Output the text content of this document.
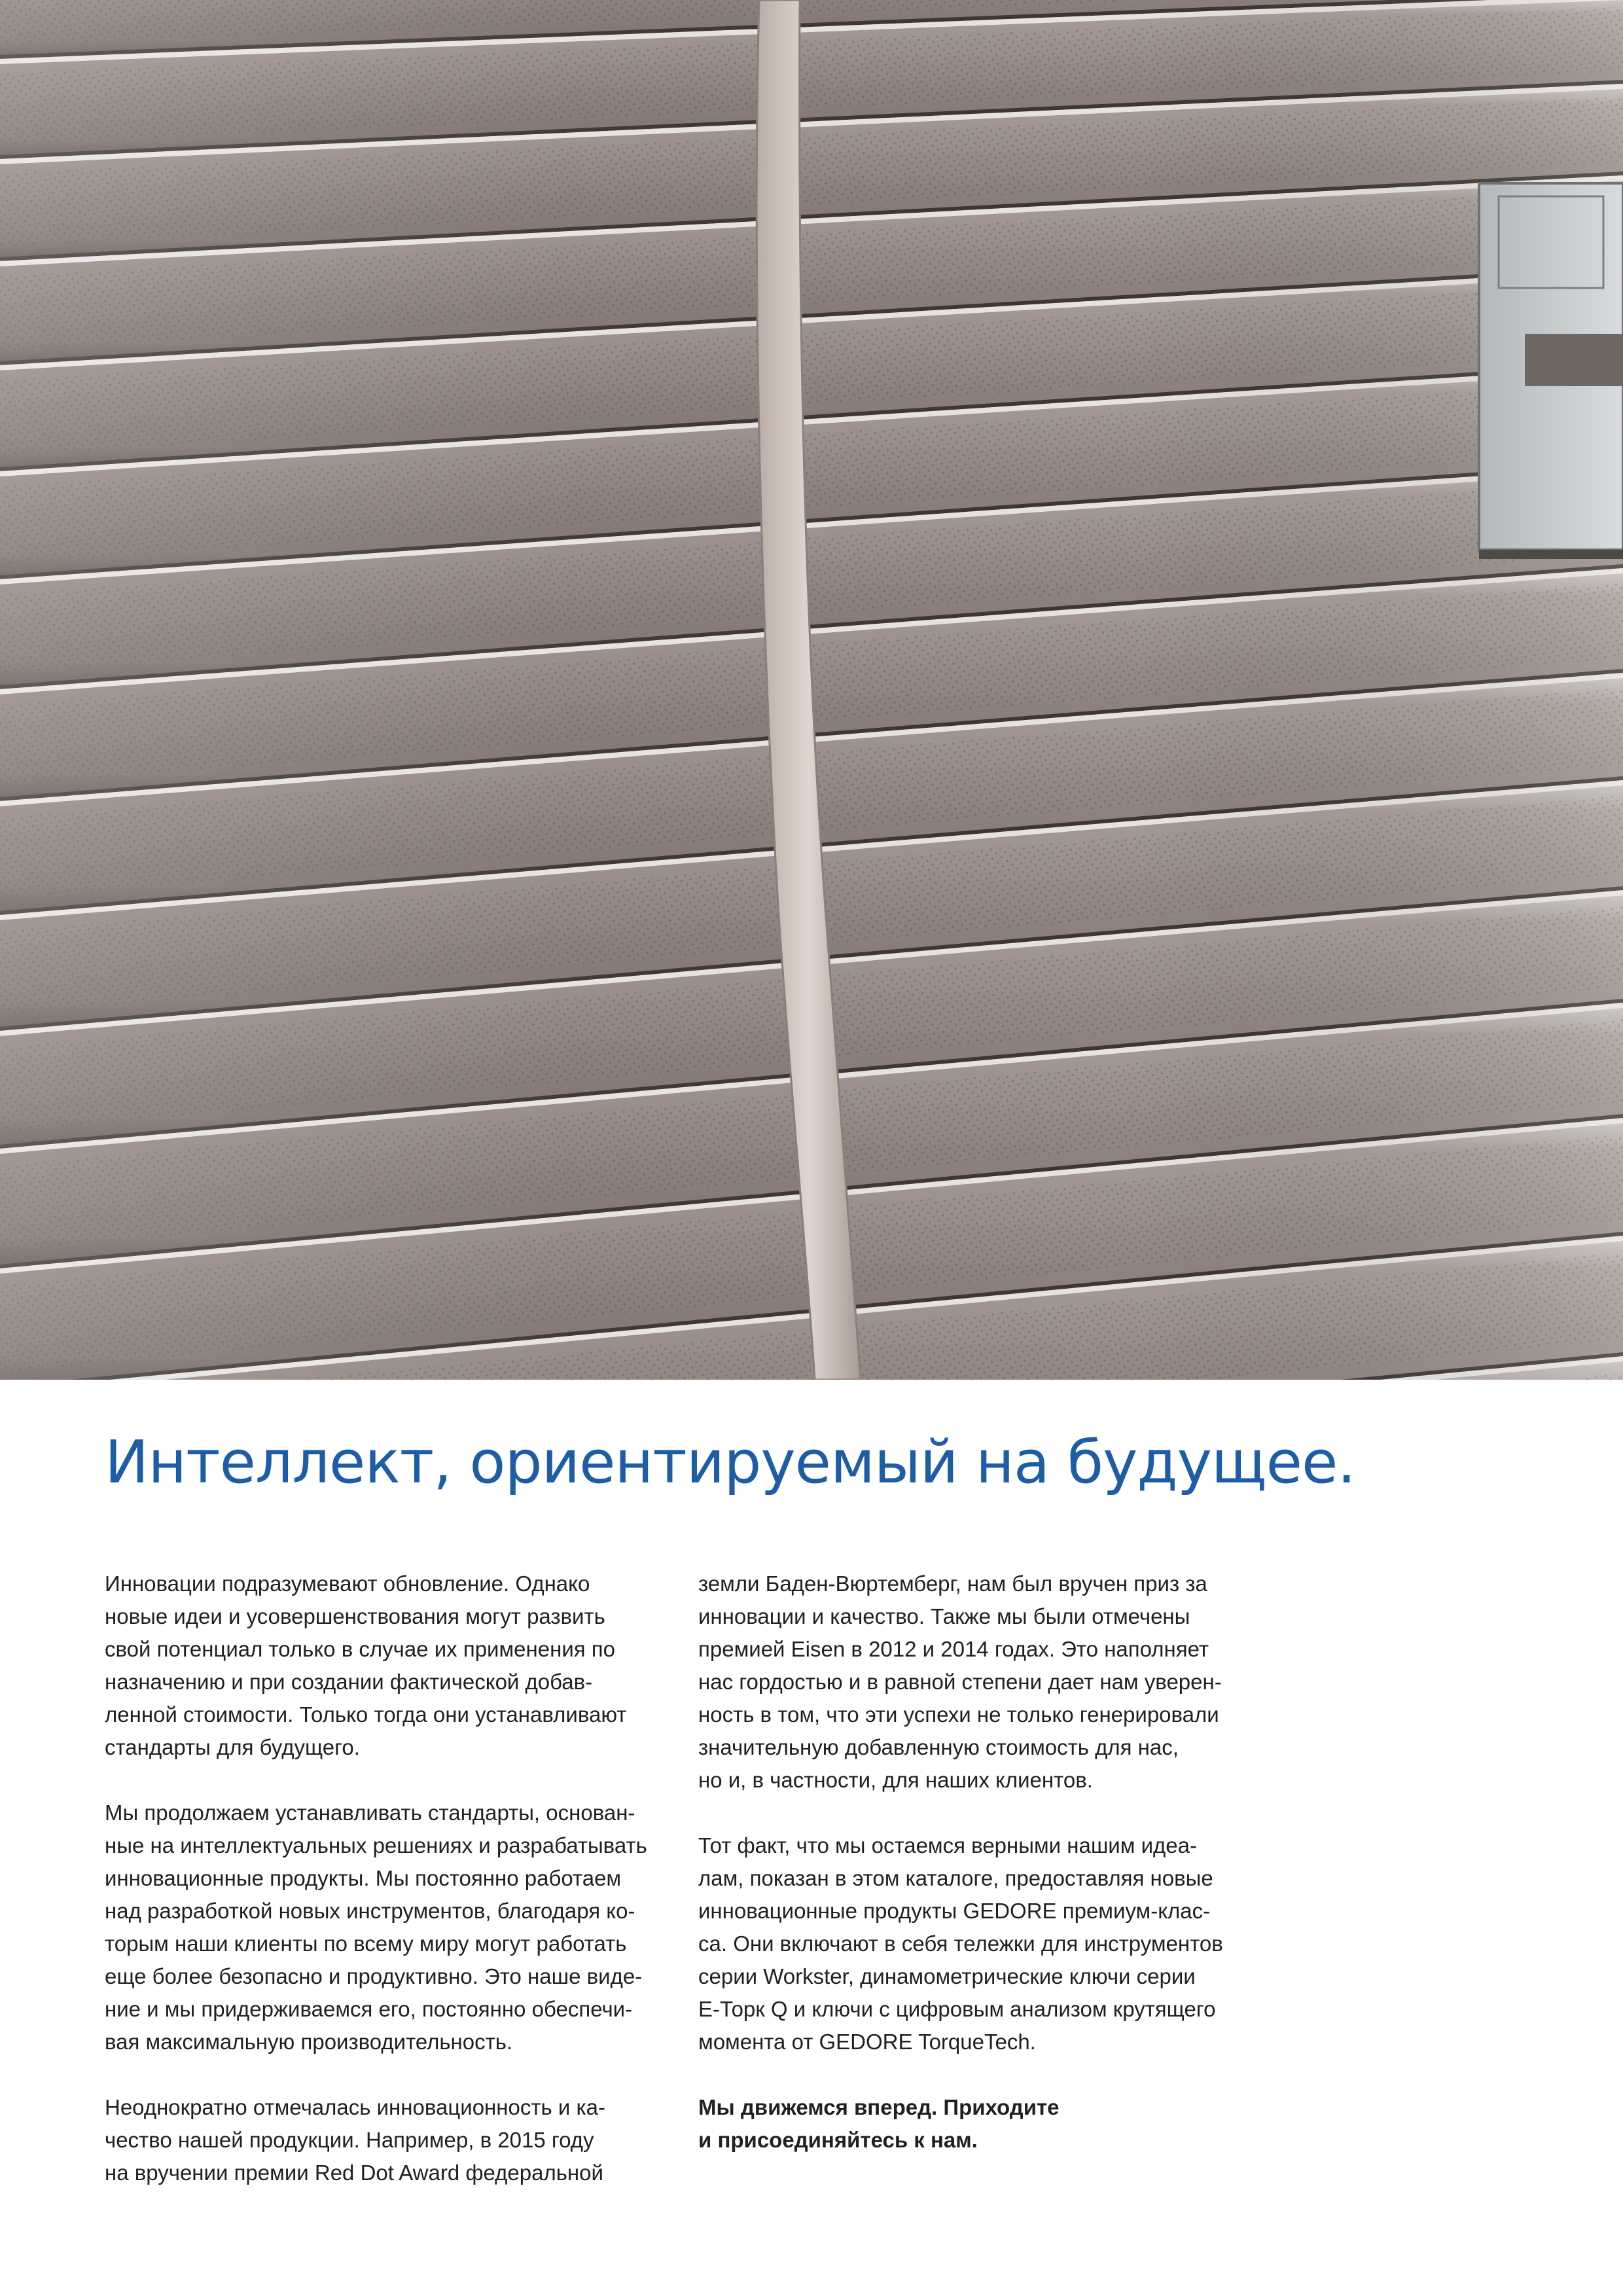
Интеллект, ориентируемый на будущее.

Инновации подразумевают обновление. Однако
новые идеи и усовершенствования могут развить
свой потенциал только в случае их применения по
назначению и при создании фактической добав-
ленной стоимости. Только тогда они устанавливают
стандарты для будущего.

Мы продолжаем устанавливать стандарты, основан-
ные на интеллектуальных решениях и разрабатывать
инновационные продукты. Мы постоянно работаем
над разработкой новых инструментов, благодаря ко-
торым наши клиенты по всему миру могут работать
еще более безопасно и продуктивно. Это наше виде-
ние и мы придерживаемся его, постоянно обеспечи-
вая максимальную производительность.

Неоднократно отмечалась инновационность и ка-
чество нашей продукции. Например, в 2015 году
на вручении премии Red Dot Award федеральной

земли Баден-Вюртемберг, нам был вручен приз за
инновации и качество. Также мы были отмечены
премией Eisen в 2012 и 2014 годах. Это наполняет
нас гордостью и в равной степени дает нам уверен-
ность в том, что эти успехи не только генерировали
значительную добавленную стоимость для нас,
но и, в частности, для наших клиентов.

Тот факт, что мы остаемся верными нашим идеа-
лам, показан в этом каталоге, предоставляя новые
инновационные продукты GEDORE премиум-клас-
са. Они включают в себя тележки для инструментов
серии Workster, динамометрические ключи серии
E-Торк Q и ключи с цифровым анализом крутящего
момента от GEDORE TorqueTech.

Мы движемся вперед. Приходите
и присоединяйтесь к нам.
